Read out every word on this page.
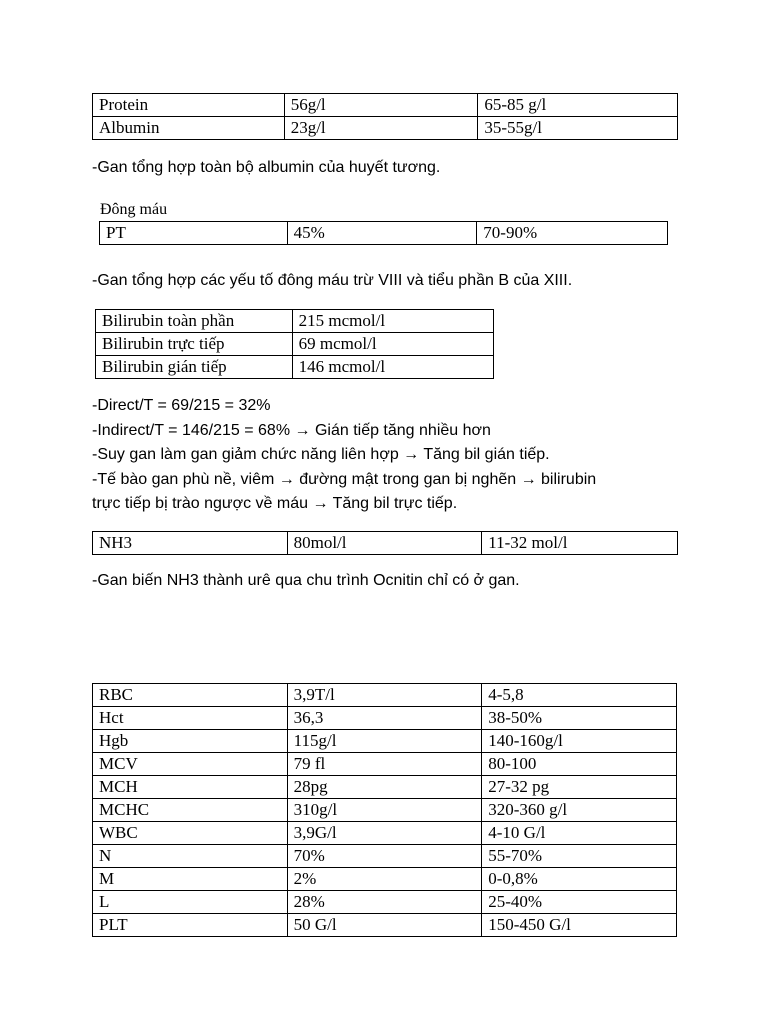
Protein	56g/l	65-85 g/l
Albumin	23g/l	35-55g/l
-Gan tổng hợp toàn bộ albumin của huyết tương.
Đông máu
PT	45%	70-90%
-Gan tổng hợp các yếu tố đông máu trừ VIII và tiểu phần B của XIII.
Bilirubin toàn phần	215 mcmol/l
Bilirubin trực tiếp	69 mcmol/l
Bilirubin gián tiếp	146 mcmol/l
-Direct/T = 69/215 = 32%
-Indirect/T = 146/215 = 68% → Gián tiếp tăng nhiều hơn
-Suy gan làm gan giảm chức năng liên hợp → Tăng bil gián tiếp.
-Tế bào gan phù nề, viêm → đường mật trong gan bị nghẽn → bilirubin
trực tiếp bị trào ngược về máu → Tăng bil trực tiếp.
NH3	80mol/l	11-32 mol/l
-Gan biến NH3 thành urê qua chu trình Ocnitin chỉ có ở gan.
RBC	3,9T/l	4-5,8
Hct	36,3	38-50%
Hgb	115g/l	140-160g/l
MCV	79 fl	80-100
MCH	28pg	27-32 pg
MCHC	310g/l	320-360 g/l
WBC	3,9G/l	4-10 G/l
N	70%	55-70%
M	2%	0-0,8%
L	28%	25-40%
PLT	50 G/l	150-450 G/l
